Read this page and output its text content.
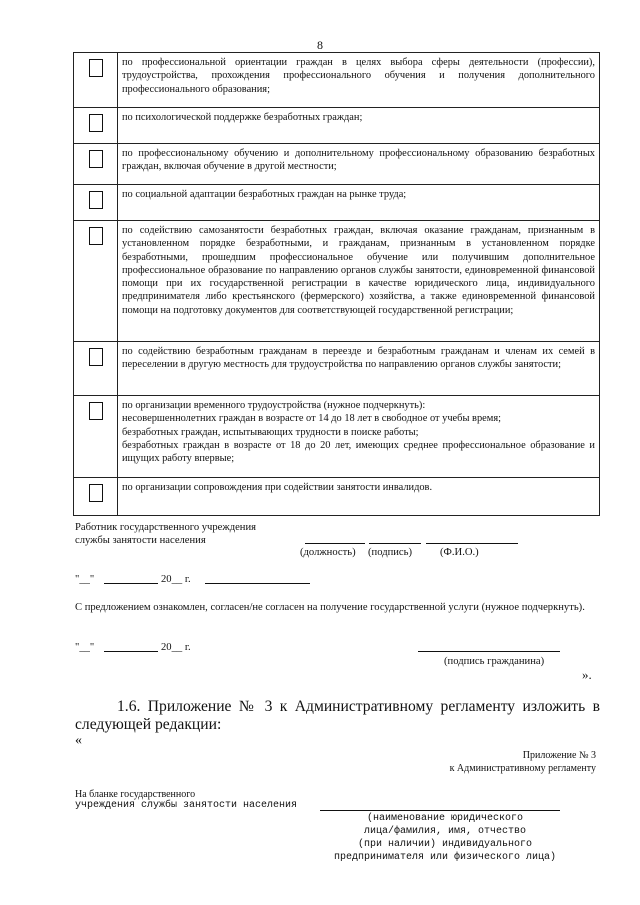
8
	по профессиональной ориентации граждан в целях выбора сферы деятельности (профессии), трудоустройства, прохождения профессионального обучения и получения дополнительного профессионального образования;

	по психологической поддержке безработных граждан;

	по профессиональному обучению и дополнительному профессиональному образованию безработных граждан, включая обучение в другой местности;

	по социальной адаптации безработных граждан на рынке труда;

	по содействию самозанятости безработных граждан, включая оказание гражданам, признанным в установленном порядке безработными, и гражданам, признанным в установленном порядке безработными, прошедшим профессиональное обучение или получившим дополнительное профессиональное образование по направлению органов службы занятости, единовременной финансовой помощи при их государственной регистрации в качестве юридического лица, индивидуального предпринимателя либо крестьянского (фермерского) хозяйства, а также единовременной финансовой помощи на подготовку документов для соответствующей государственной регистрации;

	по содействию безработным гражданам в переезде и безработным гражданам и членам их семей в переселении в другую местность для трудоустройства по направлению органов службы занятости;

	по организации временного трудоустройства (нужное подчеркнуть):
несовершеннолетних граждан в возрасте от 14 до 18 лет в свободное от учебы время;
безработных граждан, испытывающих трудности в поиске работы;
безработных граждан в возрасте от 18 до 20 лет, имеющих среднее профессиональное образование и ищущих работу впервые;

	по организации сопровождения при содействии занятости инвалидов.
Работник государственного учреждения
службы занятости населения
(должность) (подпись)	(Ф.И.О.)
"__"	20__ г.
С предложением ознакомлен, согласен/не согласен на получение государственной услуги (нужное подчеркнуть).
"__"	20__ г.
(подпись гражданина)
».
1.6. Приложение № 3 к Административному регламенту изложить в следующей редакции:
«
Приложение № 3
к Административному регламенту
На бланке государственного
учреждения службы занятости населения
(наименование юридического
лица/фамилия, имя, отчество
(при наличии) индивидуального
предпринимателя или физического лица)
